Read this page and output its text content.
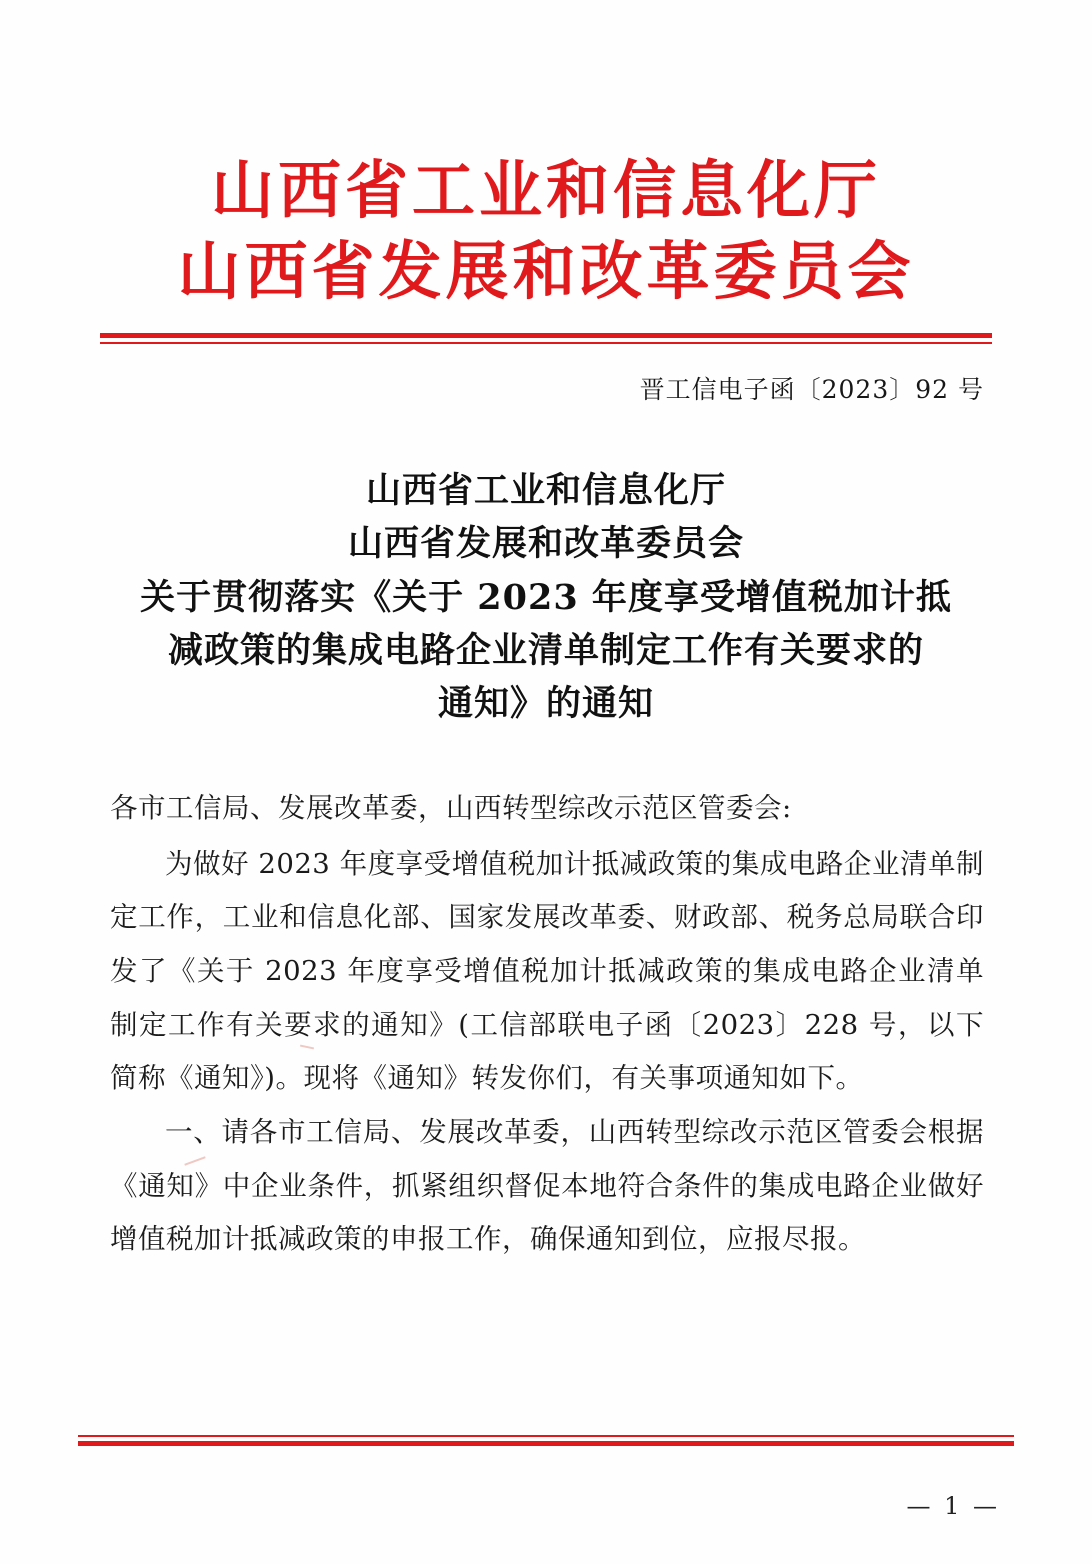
山西省工业和信息化厅
山西省发展和改革委员会
晋工信电子函〔2023〕92 号
山西省工业和信息化厅
山西省发展和改革委员会
关于贯彻落实《关于 2023 年度享受增值税加计抵
减政策的集成电路企业清单制定工作有关要求的
通知》的通知

各市工信局、发展改革委，山西转型综改示范区管委会:

为做好 2023 年度享受增值税加计抵减政策的集成电路企业清单制定工作，工业和信息化部、国家发展改革委、财政部、税务总局联合印发了《关于 2023 年度享受增值税加计抵减政策的集成电路企业清单制定工作有关要求的通知》(工信部联电子函〔2023〕228 号，以下简称《通知》)。现将《通知》转发你们，有关事项通知如下。

一、请各市工信局、发展改革委，山西转型综改示范区管委会根据《通知》中企业条件，抓紧组织督促本地符合条件的集成电路企业做好增值税加计抵减政策的申报工作，确保通知到位，应报尽报。

— 1 —
